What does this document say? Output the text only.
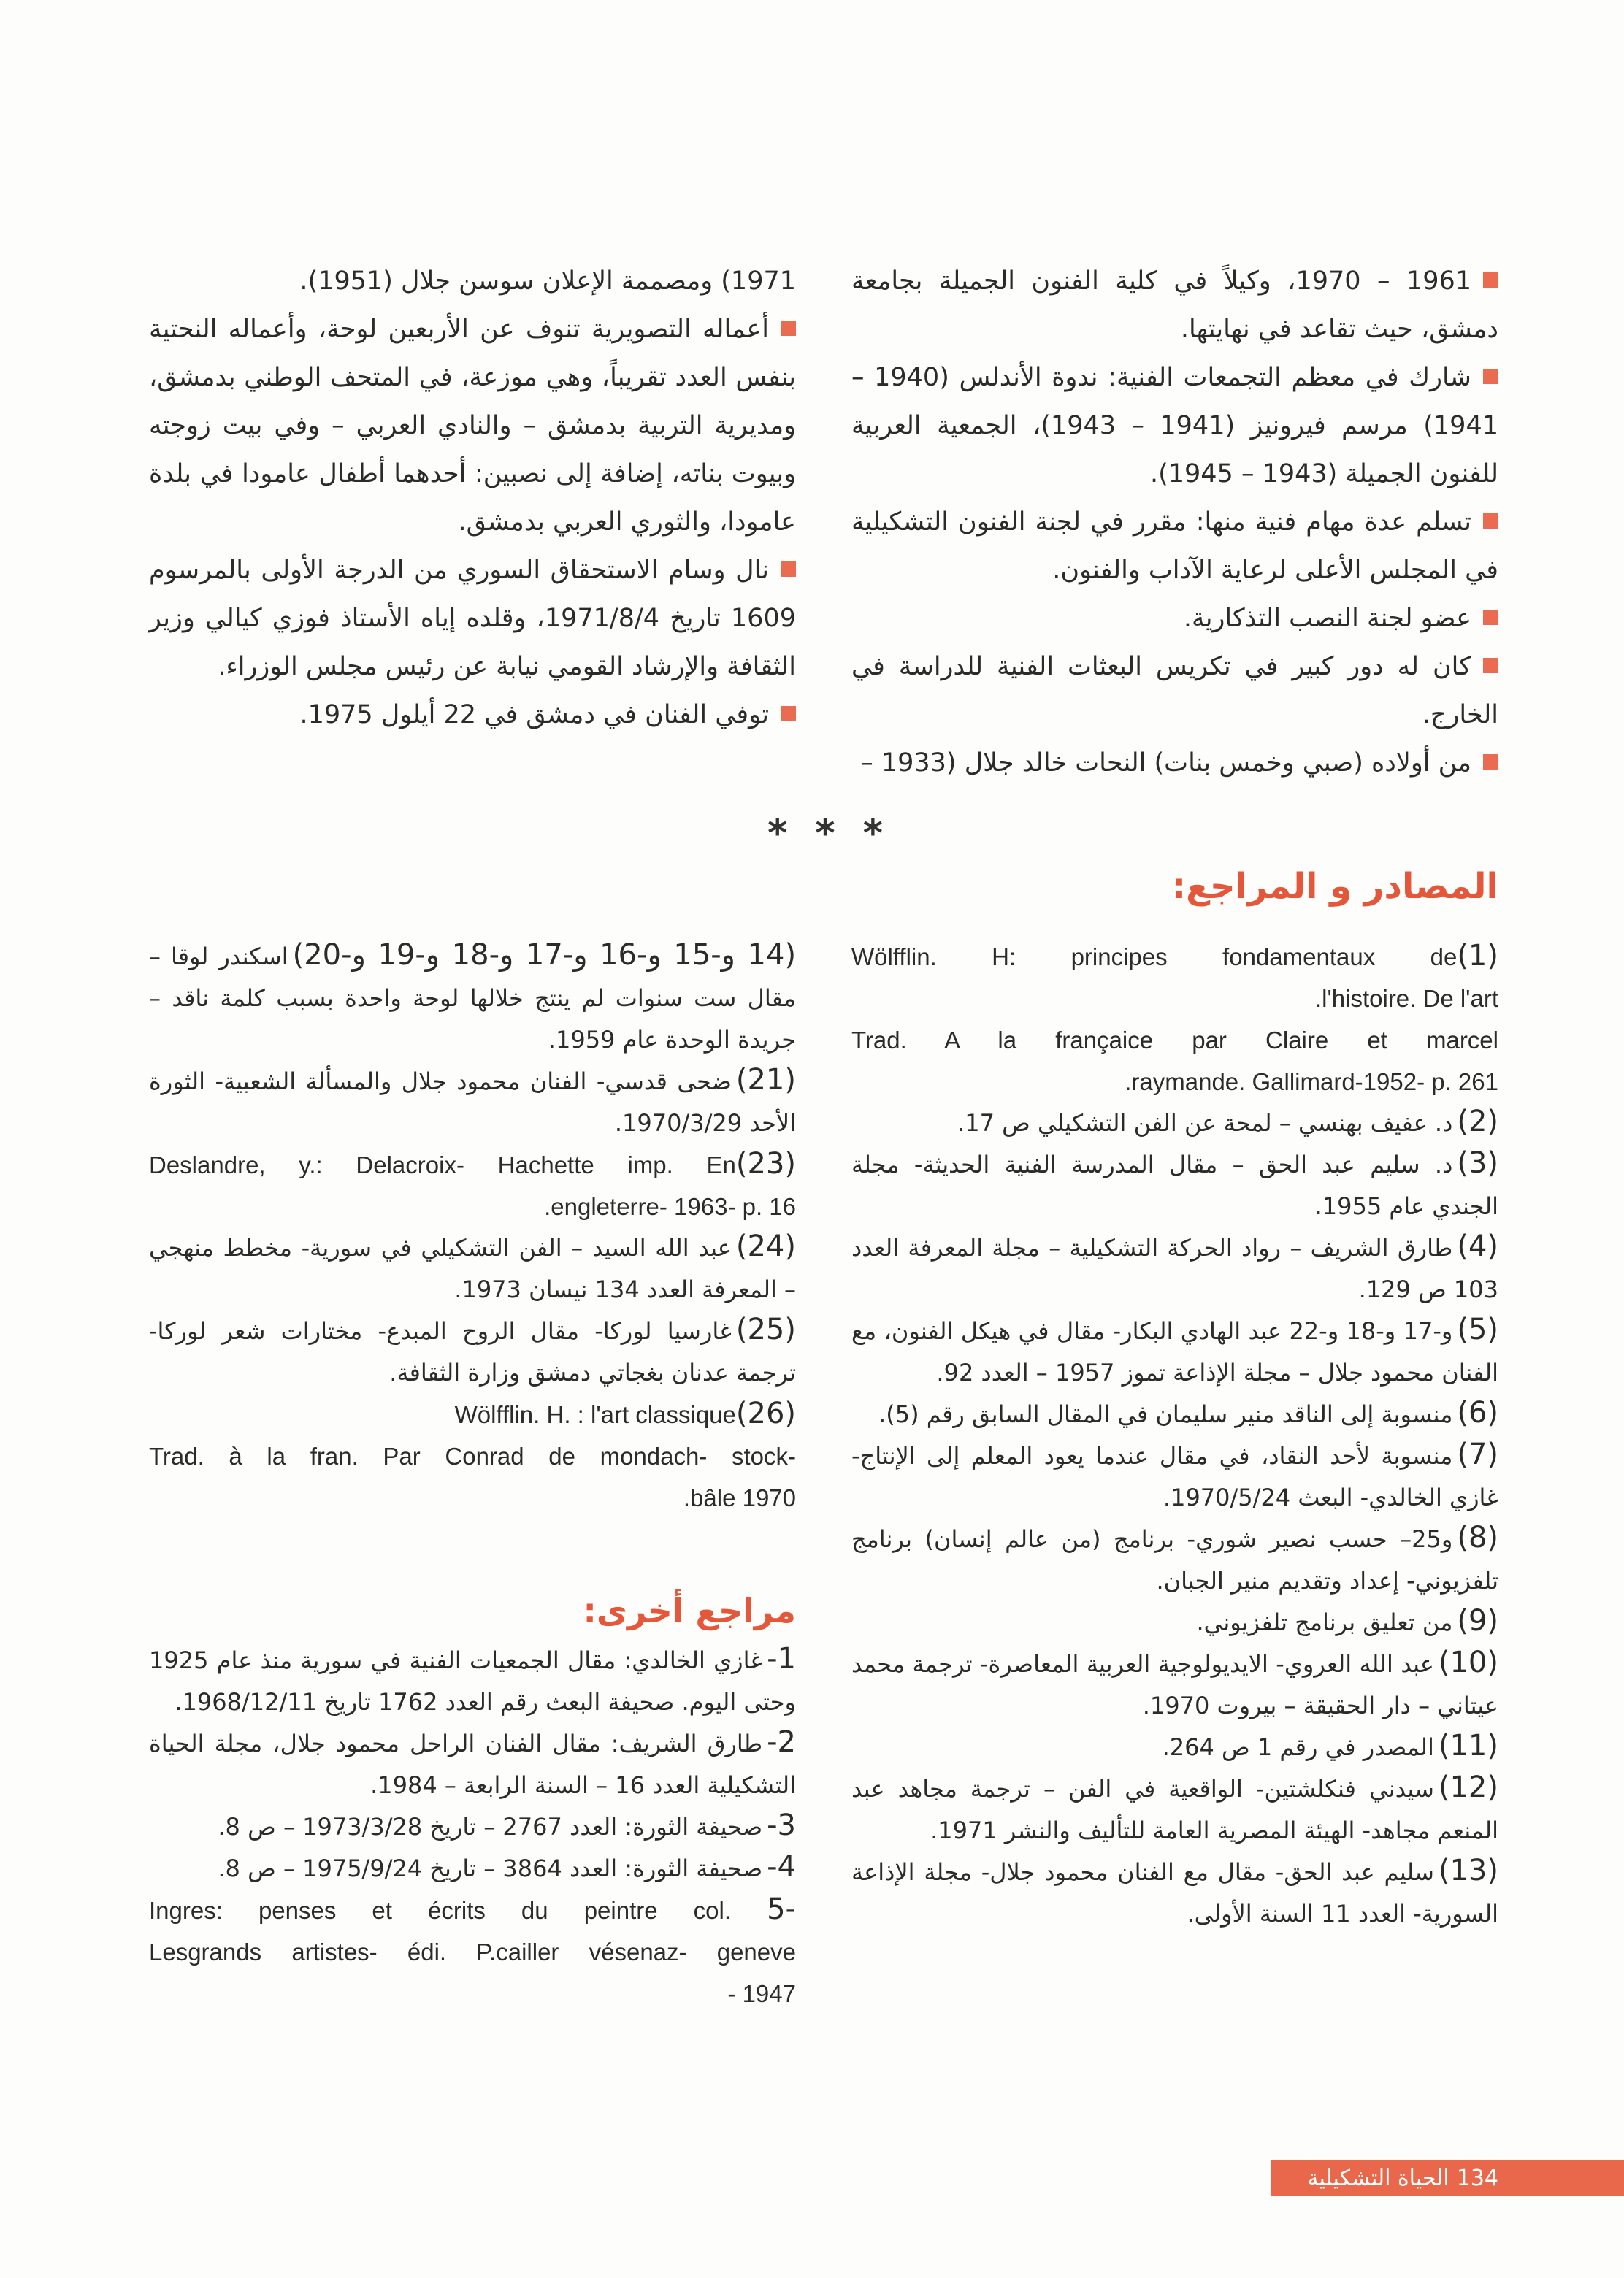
1961 – 1970، وكيلاً في كلية الفنون الجميلة بجامعة دمشق، حيث تقاعد في نهايتها.

شارك في معظم التجمعات الفنية: ندوة الأندلس (1940 – 1941) مرسم فيرونيز (1941 – 1943)، الجمعية العربية للفنون الجميلة (1943 – 1945).

تسلم عدة مهام فنية منها: مقرر في لجنة الفنون التشكيلية في المجلس الأعلى لرعاية الآداب والفنون.

عضو لجنة النصب التذكارية.

كان له دور كبير في تكريس البعثات الفنية للدراسة في الخارج.

من أولاده (صبي وخمس بنات) النحات خالد جلال (1933 –

1971) ومصممة الإعلان سوسن جلال (1951).

أعماله التصويرية تنوف عن الأربعين لوحة، وأعماله النحتية بنفس العدد تقريباً، وهي موزعة، في المتحف الوطني بدمشق، ومديرية التربية بدمشق – والنادي العربي – وفي بيت زوجته وبيوت بناته، إضافة إلى نصبين: أحدهما أطفال عامودا في بلدة عامودا، والثوري العربي بدمشق.

نال وسام الاستحقاق السوري من الدرجة الأولى بالمرسوم 1609 تاريخ 1971/8/4، وقلده إياه الأستاذ فوزي كيالي وزير الثقافة والإرشاد القومي نيابة عن رئيس مجلس الوزراء.

توفي الفنان في دمشق في 22 أيلول 1975.

* * *
المصادر و المراجع:
Wölfflin. H: principes fondamentaux de(1)
.l'histoire. De l'art
Trad. A la françaice par Claire et marcel
.raymande. Gallimard-1952- p. 261

(2)د. عفيف بهنسي – لمحة عن الفن التشكيلي ص 17.

(3)د. سليم عبد الحق – مقال المدرسة الفنية الحديثة- مجلة الجندي عام 1955.

(4)طارق الشريف – رواد الحركة التشكيلية – مجلة المعرفة العدد 103 ص 129.

(5)و-17 و-18 و-22 عبد الهادي البكار- مقال في هيكل الفنون، مع الفنان محمود جلال – مجلة الإذاعة تموز 1957 – العدد 92.

(6)منسوبة إلى الناقد منير سليمان في المقال السابق رقم (5).

(7)منسوبة لأحد النقاد، في مقال عندما يعود المعلم إلى الإنتاج- غازي الخالدي- البعث 1970/5/24.

(8)و25– حسب نصير شوري- برنامج (من عالم إنسان) برنامج تلفزيوني- إعداد وتقديم منير الجبان.

(9)من تعليق برنامج تلفزيوني.

(10)عبد الله العروي- الايديولوجية العربية المعاصرة- ترجمة محمد عيتاني – دار الحقيقة – بيروت 1970.

(11)المصدر في رقم 1 ص 264.

(12)سيدني فنكلشتين- الواقعية في الفن – ترجمة مجاهد عبد المنعم مجاهد- الهيئة المصرية العامة للتأليف والنشر 1971.

(13)سليم عبد الحق- مقال مع الفنان محمود جلال- مجلة الإذاعة السورية- العدد 11 السنة الأولى.

(14 و-15 و-16 و-17 و-18 و-19 و-20)اسكندر لوقا – مقال ست سنوات لم ينتج خلالها لوحة واحدة بسبب كلمة ناقد – جريدة الوحدة عام 1959.

(21)ضحى قدسي- الفنان محمود جلال والمسألة الشعبية- الثورة الأحد 1970/3/29.

Deslandre, y.: Delacroix- Hachette imp. En(23)
.engleterre- 1963- p. 16

(24)عبد الله السيد – الفن التشكيلي في سورية- مخطط منهجي – المعرفة العدد 134 نيسان 1973.

(25)غارسيا لوركا- مقال الروح المبدع- مختارات شعر لوركا- ترجمة عدنان بغجاتي دمشق وزارة الثقافة.

Wölfflin. H. : l'art classique(26)
Trad. à la fran. Par Conrad de mondach- stock-
.bâle 1970
مراجع أخرى:

1-غازي الخالدي: مقال الجمعيات الفنية في سورية منذ عام 1925 وحتى اليوم. صحيفة البعث رقم العدد 1762 تاريخ 1968/12/11.

2-طارق الشريف: مقال الفنان الراحل محمود جلال، مجلة الحياة التشكيلية العدد 16 – السنة الرابعة – 1984.

3-صحيفة الثورة: العدد 2767 – تاريخ 1973/3/28 – ص 8.

4-صحيفة الثورة: العدد 3864 – تاريخ 1975/9/24 – ص 8.

Ingres: penses et écrits du peintre col. 5-
Lesgrands artistes- édi. P.cailler vésenaz- geneve
- 1947
134
الحياة التشكيلية
